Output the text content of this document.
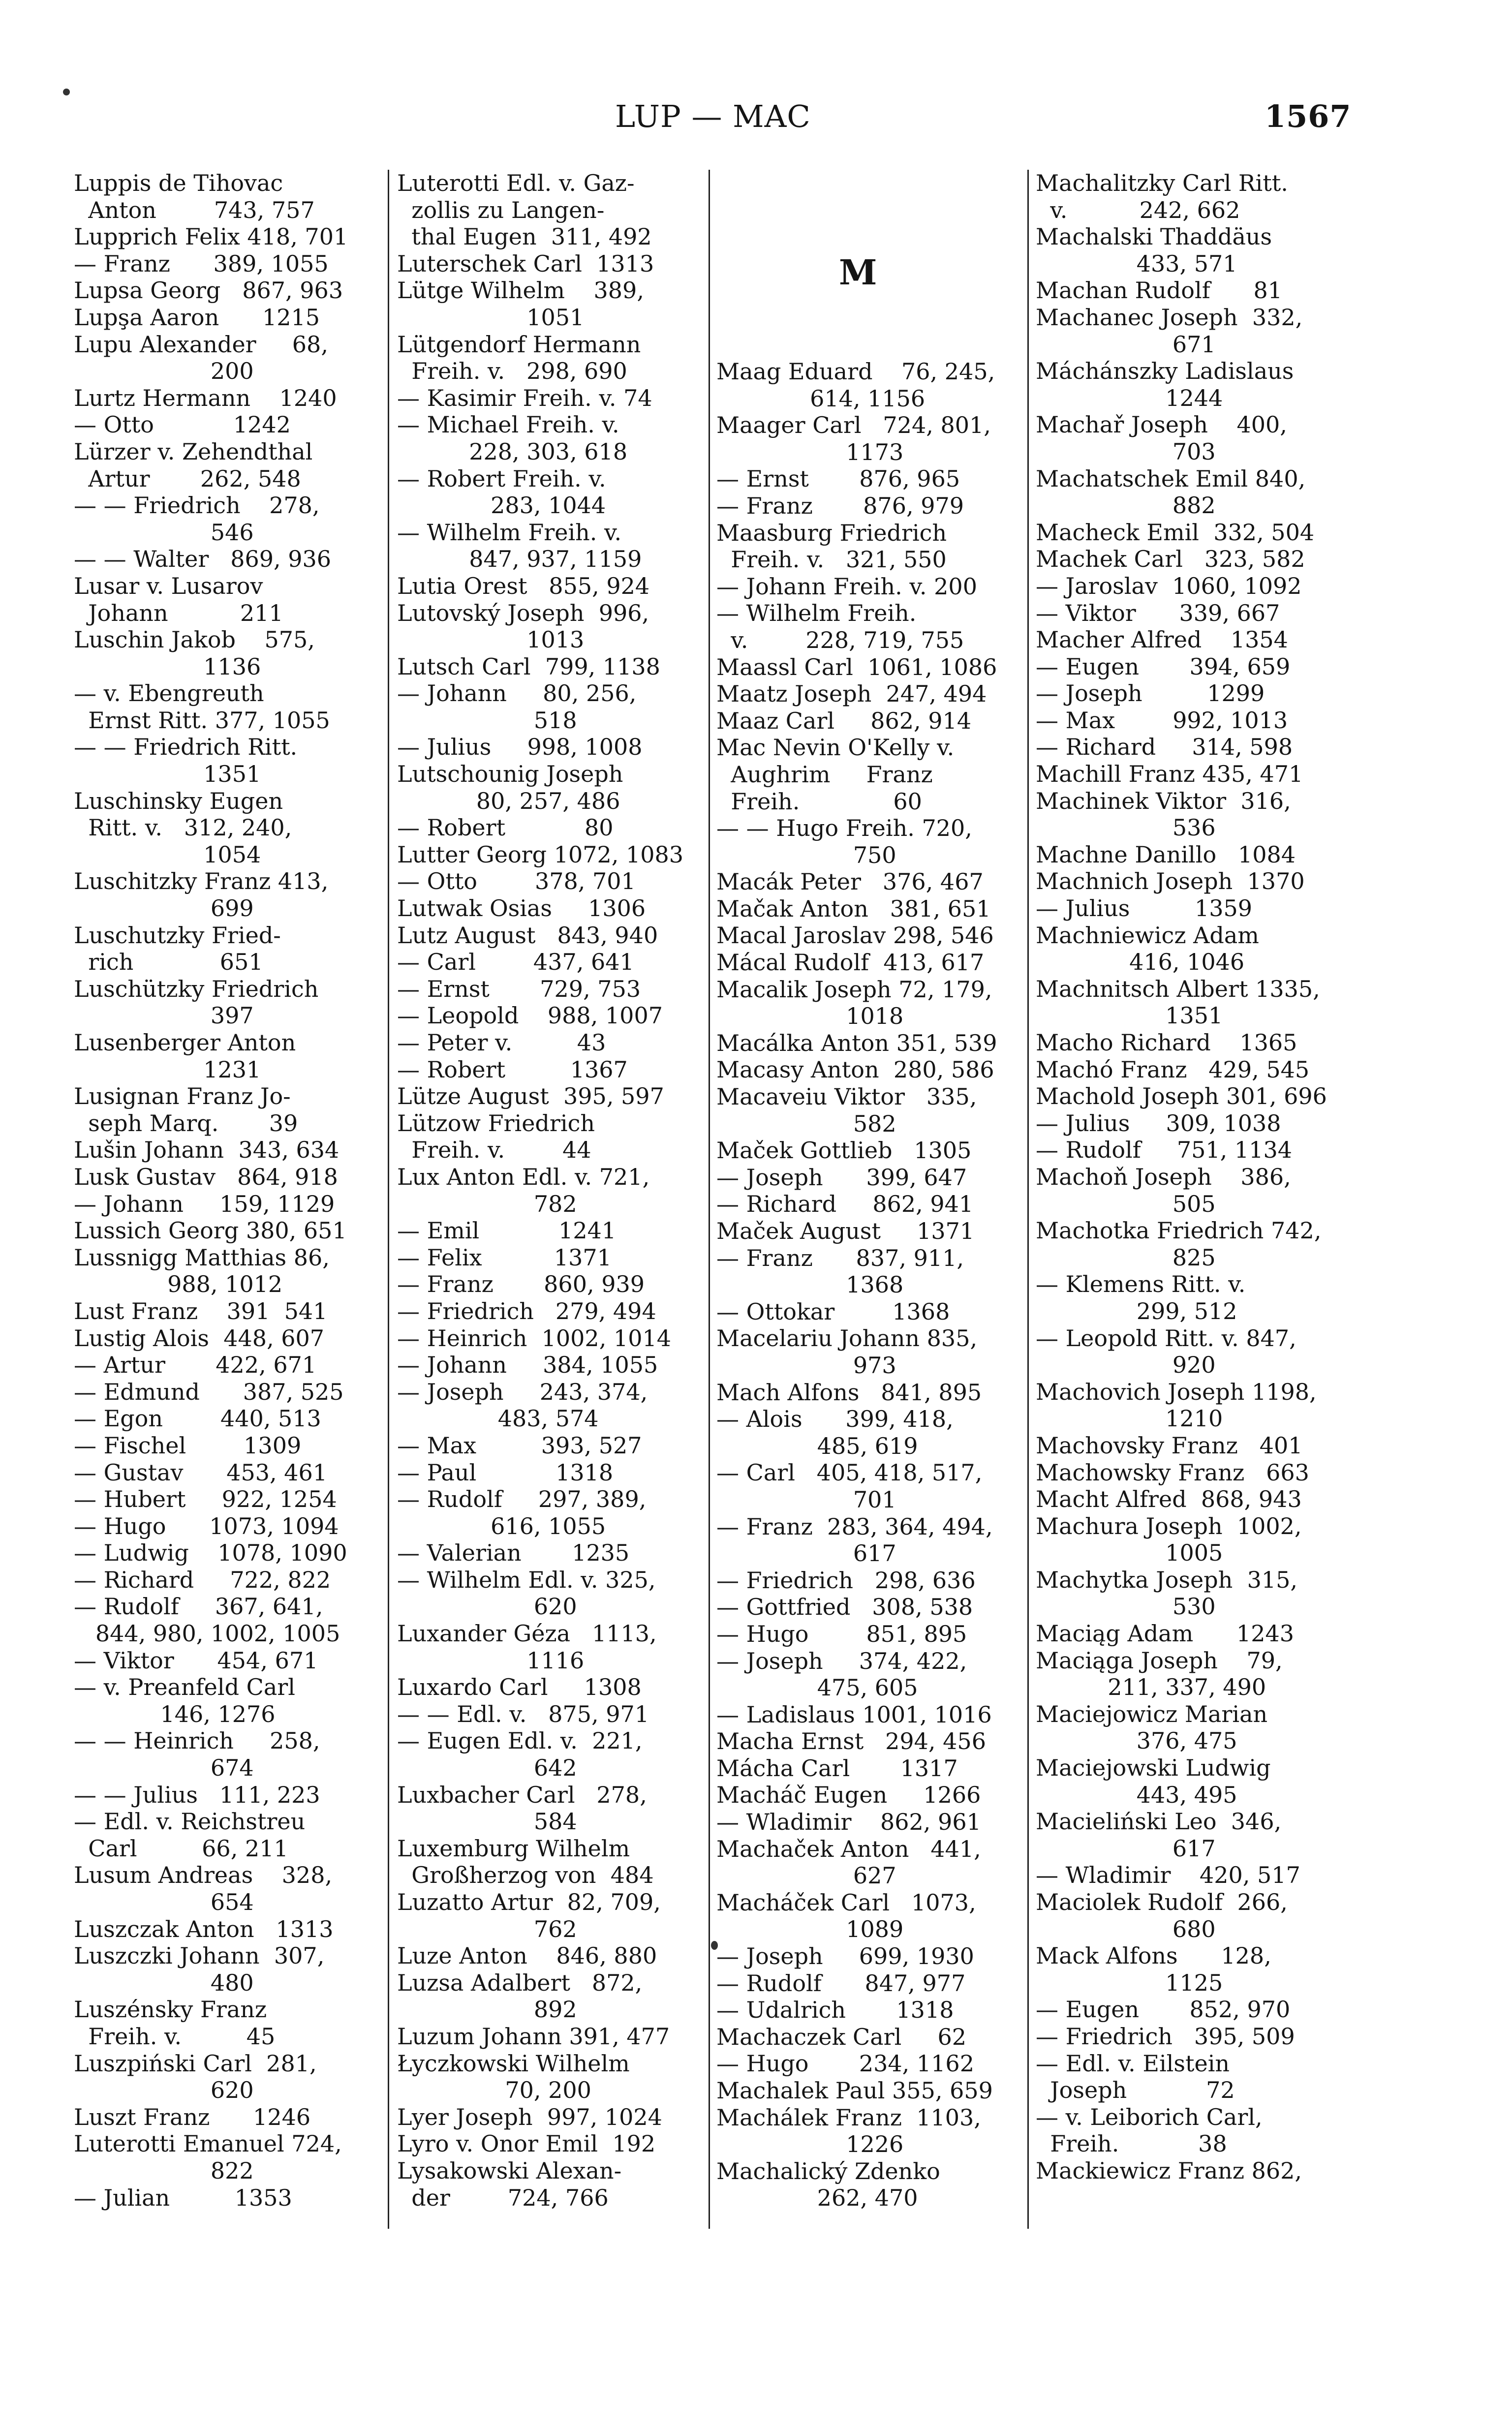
LUP — MAC	1567
M
Luppis de Tihovac
Anton        743, 757
Lupprich Felix 418, 701
— Franz      389, 1055
Lupsa Georg   867, 963
Lupşa Aaron      1215
Lupu Alexander     68,
200
Lurtz Hermann    1240
— Otto           1242
Lürzer v. Zehendthal
Artur       262, 548
— — Friedrich    278,
546
— — Walter   869, 936
Lusar v. Lusarov
Johann          211
Luschin Jakob    575,
1136
— v. Ebengreuth
Ernst Ritt. 377, 1055
— — Friedrich Ritt.
1351
Luschinsky Eugen
Ritt. v.   312, 240,
1054
Luschitzky Franz 413,
699
Luschutzky Fried-
rich            651
Luschützky Friedrich
397
Lusenberger Anton
1231
Lusignan Franz Jo-
seph Marq.       39
Lušin Johann  343, 634
Lusk Gustav   864, 918
— Johann     159, 1129
Lussich Georg 380, 651
Lussnigg Matthias 86,
988, 1012
Lust Franz    391  541
Lustig Alois  448, 607
— Artur       422, 671
— Edmund      387, 525
— Egon        440, 513
— Fischel        1309
— Gustav      453, 461
— Hubert     922, 1254
— Hugo      1073, 1094
— Ludwig    1078, 1090
— Richard     722, 822
— Rudolf     367, 641,
844, 980, 1002, 1005
— Viktor      454, 671
— v. Preanfeld Carl
146, 1276
— — Heinrich     258,
674
— — Julius   111, 223
— Edl. v. Reichstreu
Carl         66, 211
Lusum Andreas    328,
654
Luszczak Anton   1313
Luszczki Johann  307,
480
Luszénsky Franz
Freih. v.         45
Luszpiński Carl  281,
620
Luszt Franz      1246
Luterotti Emanuel 724,
822
— Julian         1353
Luterotti Edl. v. Gaz-
zollis zu Langen-
thal Eugen  311, 492
Luterschek Carl  1313
Lütge Wilhelm    389,
1051
Lütgendorf Hermann
Freih. v.   298, 690
— Kasimir Freih. v. 74
— Michael Freih. v.
228, 303, 618
— Robert Freih. v.
283, 1044
— Wilhelm Freih. v.
847, 937, 1159
Lutia Orest   855, 924
Lutovský Joseph  996,
1013
Lutsch Carl  799, 1138
— Johann     80, 256,
518
— Julius     998, 1008
Lutschounig Joseph
80, 257, 486
— Robert           80
Lutter Georg 1072, 1083
— Otto        378, 701
Lutwak Osias     1306
Lutz August   843, 940
— Carl        437, 641
— Ernst       729, 753
— Leopold    988, 1007
— Peter v.         43
— Robert         1367
Lütze August  395, 597
Lützow Friedrich
Freih. v.        44
Lux Anton Edl. v. 721,
782
— Emil           1241
— Felix          1371
— Franz       860, 939
— Friedrich   279, 494
— Heinrich  1002, 1014
— Johann     384, 1055
— Joseph     243, 374,
483, 574
— Max         393, 527
— Paul           1318
— Rudolf     297, 389,
616, 1055
— Valerian       1235
— Wilhelm Edl. v. 325,
620
Luxander Géza   1113,
1116
Luxardo Carl     1308
— — Edl. v.   875, 971
— Eugen Edl. v.  221,
642
Luxbacher Carl   278,
584
Luxemburg Wilhelm
Großherzog von  484
Luzatto Artur  82, 709,
762
Luze Anton    846, 880
Luzsa Adalbert   872,
892
Luzum Johann 391, 477
Łyczkowski Wilhelm
70, 200
Lyer Joseph  997, 1024
Lyro v. Onor Emil  192
Lysakowski Alexan-
der        724, 766
Maag Eduard    76, 245,
614, 1156
Maager Carl   724, 801,
1173
— Ernst       876, 965
— Franz       876, 979
Maasburg Friedrich
Freih. v.   321, 550
— Johann Freih. v. 200
— Wilhelm Freih.
v.        228, 719, 755
Maassl Carl  1061, 1086
Maatz Joseph  247, 494
Maaz Carl     862, 914
Mac Nevin O'Kelly v.
Aughrim     Franz
Freih.             60
— — Hugo Freih. 720,
750
Macák Peter   376, 467
Mačak Anton   381, 651
Macal Jaroslav 298, 546
Mácal Rudolf  413, 617
Macalik Joseph 72, 179,
1018
Macálka Anton 351, 539
Macasy Anton  280, 586
Macaveiu Viktor   335,
582
Maček Gottlieb   1305
— Joseph      399, 647
— Richard     862, 941
Maček August     1371
— Franz      837, 911,
1368
— Ottokar        1368
Macelariu Johann 835,
973
Mach Alfons   841, 895
— Alois      399, 418,
485, 619
— Carl   405, 418, 517,
701
— Franz  283, 364, 494,
617
— Friedrich   298, 636
— Gottfried   308, 538
— Hugo        851, 895
— Joseph     374, 422,
475, 605
— Ladislaus 1001, 1016
Macha Ernst   294, 456
Mácha Carl       1317
Macháč Eugen     1266
— Wladimir    862, 961
Machaček Anton   441,
627
Macháček Carl   1073,
1089
— Joseph     699, 1930
— Rudolf      847, 977
— Udalrich       1318
Machaczek Carl     62
— Hugo       234, 1162
Machalek Paul 355, 659
Machálek Franz  1103,
1226
Machalický Zdenko
262, 470
Machalitzky Carl Ritt.
v.          242, 662
Machalski Thaddäus
433, 571
Machan Rudolf      81
Machanec Joseph  332,
671
Máchánszky Ladislaus
1244
Machař Joseph    400,
703
Machatschek Emil 840,
882
Macheck Emil  332, 504
Machek Carl   323, 582
— Jaroslav  1060, 1092
— Viktor      339, 667
Macher Alfred    1354
— Eugen       394, 659
— Joseph         1299
— Max        992, 1013
— Richard     314, 598
Machill Franz 435, 471
Machinek Viktor  316,
536
Machne Danillo   1084
Machnich Joseph  1370
— Julius         1359
Machniewicz Adam
416, 1046
Machnitsch Albert 1335,
1351
Macho Richard    1365
Machó Franz   429, 545
Machold Joseph 301, 696
— Julius     309, 1038
— Rudolf     751, 1134
Machoň Joseph    386,
505
Machotka Friedrich 742,
825
— Klemens Ritt. v.
299, 512
— Leopold Ritt. v. 847,
920
Machovich Joseph 1198,
1210
Machovsky Franz   401
Machowsky Franz   663
Macht Alfred  868, 943
Machura Joseph  1002,
1005
Machytka Joseph  315,
530
Maciąg Adam      1243
Maciąga Joseph    79,
211, 337, 490
Maciejowicz Marian
376, 475
Maciejowski Ludwig
443, 495
Macieliński Leo  346,
617
— Wladimir    420, 517
Maciolek Rudolf  266,
680
Mack Alfons      128,
1125
— Eugen       852, 970
— Friedrich   395, 509
— Edl. v. Eilstein
Joseph           72
— v. Leiborich Carl,
Freih.           38
Mackiewicz Franz 862,
